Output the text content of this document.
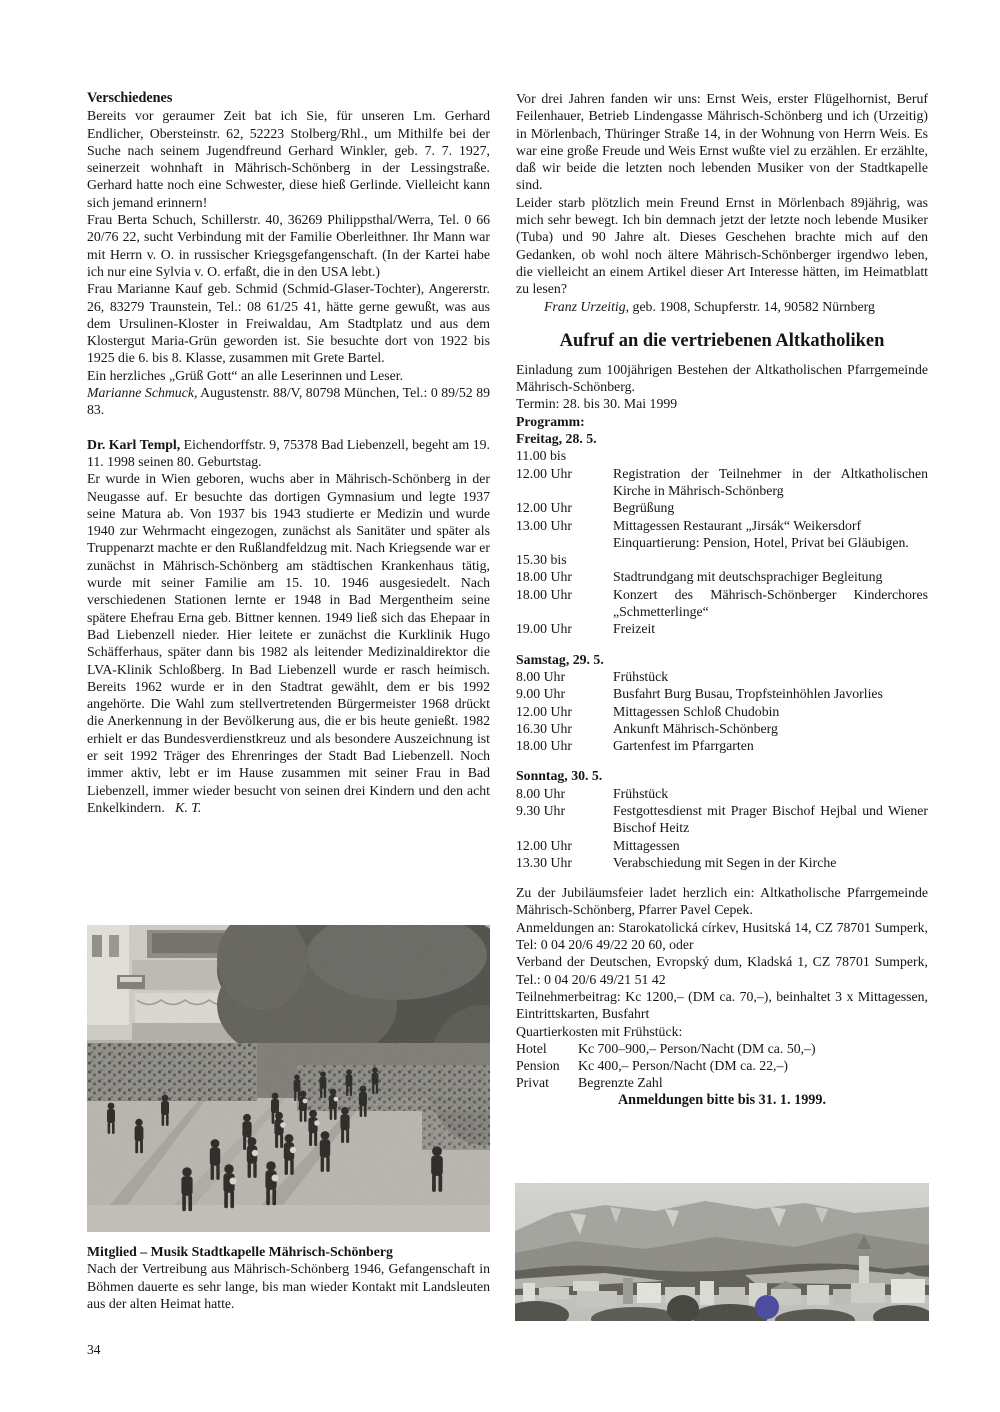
Verschiedenes

Bereits vor geraumer Zeit bat ich Sie, für unseren Lm. Gerhard Endlicher, Obersteinstr. 62, 52223 Stolberg/Rhl., um Mithilfe bei der Suche nach seinem Jugendfreund Gerhard Winkler, geb. 7. 7. 1927, seinerzeit wohnhaft in Mährisch-Schönberg in der Lessingstraße. Gerhard hatte noch eine Schwester, diese hieß Gerlinde. Vielleicht kann sich jemand erinnern!

Frau Berta Schuch, Schillerstr. 40, 36269 Philippsthal/Werra, Tel. 0 66 20/76 22, sucht Verbindung mit der Familie Oberleithner. Ihr Mann war mit Herrn v. O. in russischer Kriegsgefangenschaft. (In der Kartei habe ich nur eine Sylvia v. O. erfaßt, die in den USA lebt.)

Frau Marianne Kauf geb. Schmid (Schmid-Glaser-Tochter), Angererstr. 26, 83279 Traunstein, Tel.: 08 61/25 41, hätte gerne gewußt, was aus dem Ursulinen-Kloster in Freiwaldau, Am Stadtplatz und aus dem Klostergut Maria-Grün geworden ist. Sie besuchte dort von 1922 bis 1925 die 6. bis 8. Klasse, zusammen mit Grete Bartel.

Ein herzliches „Grüß Gott“ an alle Leserinnen und Leser.

Marianne Schmuck, Augustenstr. 88/V, 80798 München, Tel.: 0 89/52 89 83.

Dr. Karl Templ, Eichendorffstr. 9, 75378 Bad Liebenzell, begeht am 19. 11. 1998 seinen 80. Geburtstag.

Er wurde in Wien geboren, wuchs aber in Mährisch-Schönberg in der Neugasse auf. Er besuchte das dortigen Gymnasium und legte 1937 seine Matura ab. Von 1937 bis 1943 studierte er Medizin und wurde 1940 zur Wehrmacht eingezogen, zunächst als Sanitäter und später als Truppenarzt machte er den Rußlandfeldzug mit. Nach Kriegsende war er zunächst in Mährisch-Schönberg am städtischen Krankenhaus tätig, wurde mit seiner Familie am 15. 10. 1946 ausgesiedelt. Nach verschiedenen Stationen lernte er 1948 in Bad Mergentheim seine spätere Ehefrau Erna geb. Bittner kennen. 1949 ließ sich das Ehepaar in Bad Liebenzell nieder. Hier leitete er zunächst die Kurklinik Hugo Schäfferhaus, später dann bis 1982 als leitender Medizinaldirektor die LVA-Klinik Schloßberg. In Bad Liebenzell wurde er rasch heimisch. Bereits 1962 wurde er in den Stadtrat gewählt, dem er bis 1992 angehörte. Die Wahl zum stellvertretenden Bürgermeister 1968 drückt die Anerkennung in der Bevölkerung aus, die er bis heute genießt. 1982 erhielt er das Bundesverdienstkreuz und als besondere Auszeichnung ist er seit 1992 Träger des Ehrenringes der Stadt Bad Liebenzell. Noch immer aktiv, lebt er im Hause zusammen mit seiner Frau in Bad Liebenzell, immer wieder besucht von seinen drei Kindern und den acht Enkelkindern. K. T.

Mitglied – Musik Stadtkapelle Mährisch-Schönberg

Nach der Vertreibung aus Mährisch-Schönberg 1946, Gefangenschaft in Böhmen dauerte es sehr lange, bis man wieder Kontakt mit Landsleuten aus der alten Heimat hatte.

Vor drei Jahren fanden wir uns: Ernst Weis, erster Flügelhornist, Beruf Feilenhauer, Betrieb Lindengasse Mährisch-Schönberg und ich (Urzeitig) in Mörlenbach, Thüringer Straße 14, in der Wohnung von Herrn Weis. Es war eine große Freude und Weis Ernst wußte viel zu erzählen. Er erzählte, daß wir beide die letzten noch lebenden Musiker von der Stadtkapelle sind.

Leider starb plötzlich mein Freund Ernst in Mörlenbach 89jährig, was mich sehr bewegt. Ich bin demnach jetzt der letzte noch lebende Musiker (Tuba) und 90 Jahre alt. Dieses Geschehen brachte mich auf den Gedanken, ob wohl noch ältere Mährisch-Schönberger irgendwo leben, die vielleicht an einem Artikel dieser Art Interesse hätten, im Heimatblatt zu lesen?

Franz Urzeitig, geb. 1908, Schupferstr. 14, 90582 Nürnberg

Aufruf an die vertriebenen Altkatholiken

Einladung zum 100jährigen Bestehen der Altkatholischen Pfarrgemeinde Mährisch-Schönberg.

Termin: 28. bis 30. Mai 1999

Programm:

Freitag, 28. 5.

11.00 bis
12.00 Uhr	Registration der Teilnehmer in der Altkatholischen Kirche in Mährisch-Schönberg
12.00 Uhr	Begrüßung
13.00 Uhr	Mittagessen Restaurant „Jirsák“ Weikersdorf
Einquartierung: Pension, Hotel, Privat bei Gläubigen.
15.30 bis
18.00 Uhr	Stadtrundgang mit deutschsprachiger Begleitung
18.00 Uhr	Konzert des Mährisch-Schönberger Kinderchores „Schmetterlinge“
19.00 Uhr	Freizeit

Samstag, 29. 5.

8.00 Uhr	Frühstück
9.00 Uhr	Busfahrt Burg Busau, Tropfsteinhöhlen Javorlies
12.00 Uhr	Mittagessen Schloß Chudobin
16.30 Uhr	Ankunft Mährisch-Schönberg
18.00 Uhr	Gartenfest im Pfarrgarten

Sonntag, 30. 5.

8.00 Uhr	Frühstück
9.30 Uhr	Festgottesdienst mit Prager Bischof Hejbal und Wiener Bischof Heitz
12.00 Uhr	Mittagessen
13.30 Uhr	Verabschiedung mit Segen in der Kirche

Zu der Jubiläumsfeier ladet herzlich ein: Altkatholische Pfarrgemeinde Mährisch-Schönberg, Pfarrer Pavel Cepek.

Anmeldungen an: Starokatolická církev, Husitská 14, CZ 78701 Sumperk, Tel: 0 04 20/6 49/22 20 60, oder

Verband der Deutschen, Evropský dum, Kladská 1, CZ 78701 Sumperk, Tel.: 0 04 20/6 49/21 51 42

Teilnehmerbeitrag: Kc 1200,– (DM ca. 70,–), beinhaltet 3 x Mittagessen, Eintrittskarten, Busfahrt

Quartierkosten mit Frühstück:

Hotel	Kc 700–900,– Person/Nacht (DM ca. 50,–)
Pension	Kc 400,– Person/Nacht (DM ca. 22,–)
Privat	Begrenzte Zahl

Anmeldungen bitte bis 31. 1. 1999.

34
